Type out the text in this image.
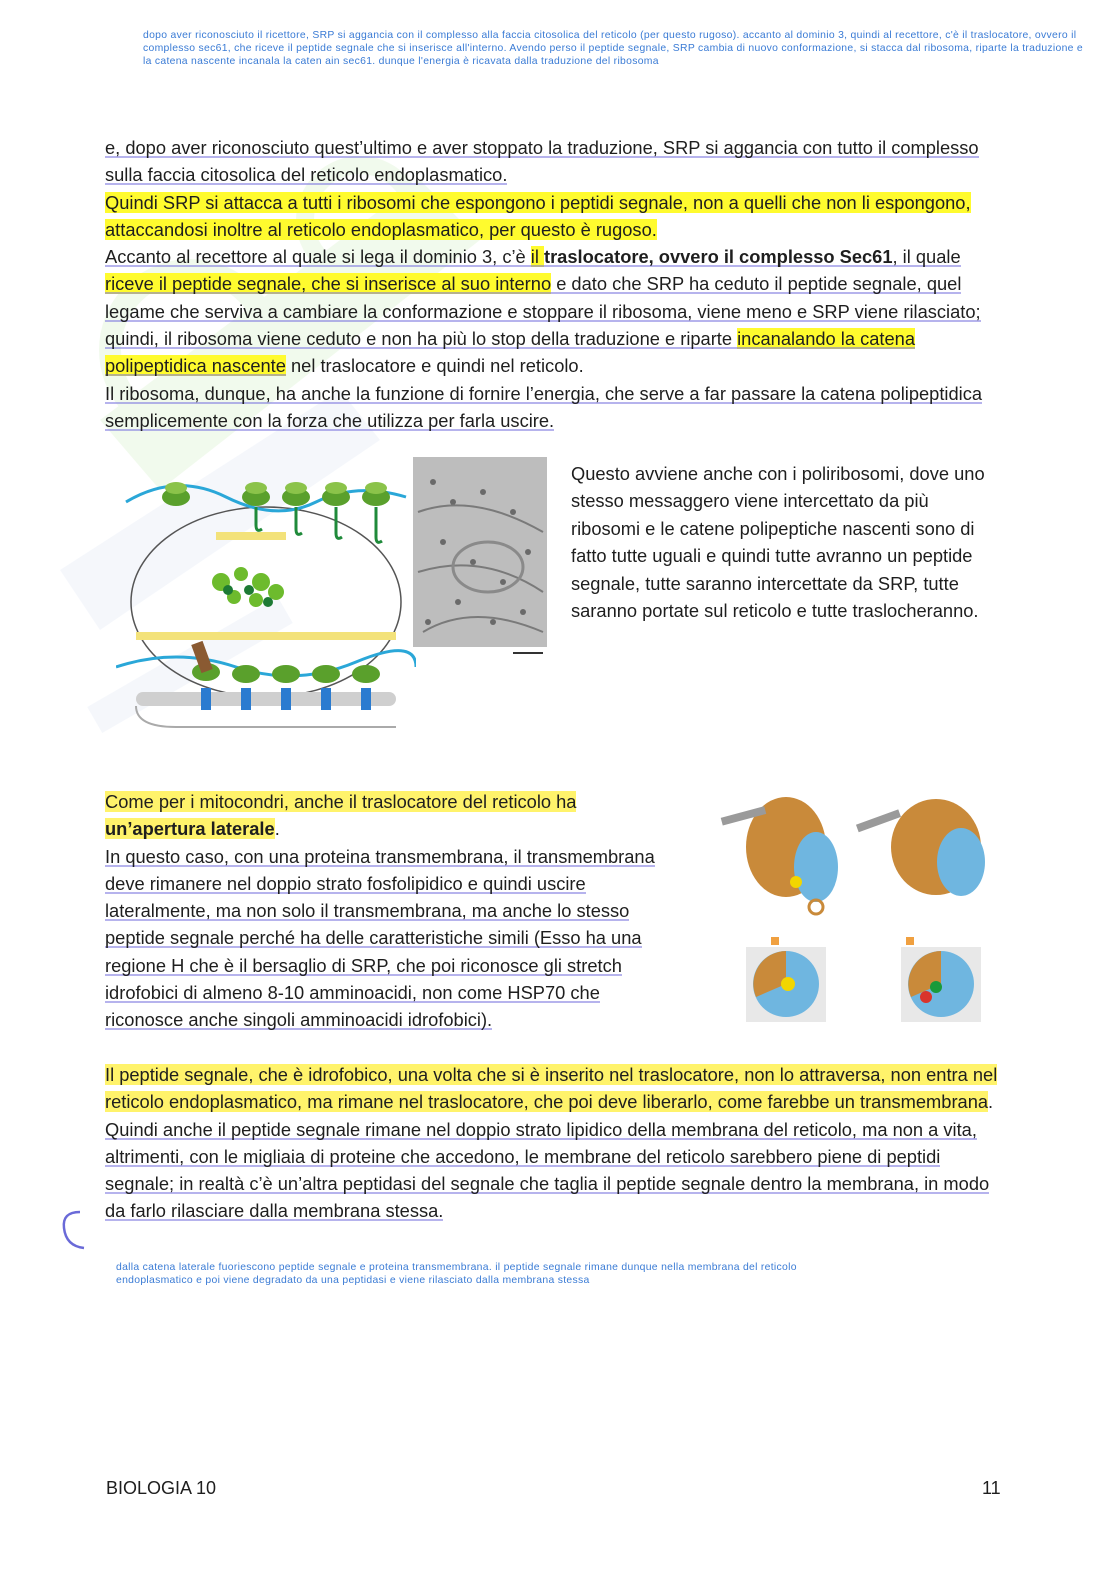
dopo aver riconosciuto il ricettore, SRP si aggancia con il complesso alla faccia citosolica del reticolo (per questo rugoso). accanto al dominio 3, quindi al recettore, c'è il traslocatore, ovvero il complesso sec61, che riceve il peptide segnale che si inserisce all'interno. Avendo perso il peptide segnale, SRP cambia di nuovo conformazione, si stacca dal ribosoma, riparte la traduzione e la catena nascente incanala la caten ain sec61. dunque l'energia è ricavata dalla traduzione del ribosoma

e, dopo aver riconosciuto quest’ultimo e aver stoppato la traduzione, SRP si aggancia con tutto il complesso sulla faccia citosolica del reticolo endoplasmatico.

Quindi SRP si attacca a tutti i ribosomi che espongono i peptidi segnale, non a quelli che non li espongono, attaccandosi inoltre al reticolo endoplasmatico, per questo è rugoso.

Accanto al recettore al quale si lega il dominio 3, c’è il traslocatore, ovvero il complesso Sec61, il quale riceve il peptide segnale, che si inserisce al suo interno e dato che SRP ha ceduto il peptide segnale, quel legame che serviva a cambiare la conformazione e stoppare il ribosoma, viene meno e SRP viene rilasciato; quindi, il ribosoma viene ceduto e non ha più lo stop della traduzione e riparte incanalando la catena polipeptidica nascente nel traslocatore e quindi nel reticolo.

Il ribosoma, dunque, ha anche la funzione di fornire l’energia, che serve a far passare la catena polipeptidica semplicemente con la forza che utilizza per farla uscire.

Questo avviene anche con i poliribosomi, dove uno stesso messaggero viene intercettato da più ribosomi e le catene polipeptiche nascenti sono di fatto tutte uguali e quindi tutte avranno un peptide segnale, tutte saranno intercettate da SRP, tutte saranno portate sul reticolo e tutte traslocheranno.

Come per i mitocondri, anche il traslocatore del reticolo ha un’apertura laterale.

In questo caso, con una proteina transmembrana, il transmembrana deve rimanere nel doppio strato fosfolipidico e quindi uscire lateralmente, ma non solo il transmembrana, ma anche lo stesso peptide segnale perché ha delle caratteristiche simili (Esso ha una regione H che è il bersaglio di SRP, che poi riconosce gli stretch idrofobici di almeno 8-10 amminoacidi, non come HSP70 che riconosce anche singoli amminoacidi idrofobici).

Il peptide segnale, che è idrofobico, una volta che si è inserito nel traslocatore, non lo attraversa, non entra nel reticolo endoplasmatico, ma rimane nel traslocatore, che poi deve liberarlo, come farebbe un transmembrana.

Quindi anche il peptide segnale rimane nel doppio strato lipidico della membrana del reticolo, ma non a vita, altrimenti, con le migliaia di proteine che accedono, le membrane del reticolo sarebbero piene di peptidi segnale; in realtà c’è un’altra peptidasi del segnale che taglia il peptide segnale dentro la membrana, in modo da farlo rilasciare dalla membrana stessa.

dalla catena laterale fuoriescono peptide segnale e proteina transmembrana. il peptide segnale rimane dunque nella membrana del reticolo endoplasmatico e poi viene degradato da una peptidasi e viene rilasciato dalla membrana stessa
BIOLOGIA 10	11
